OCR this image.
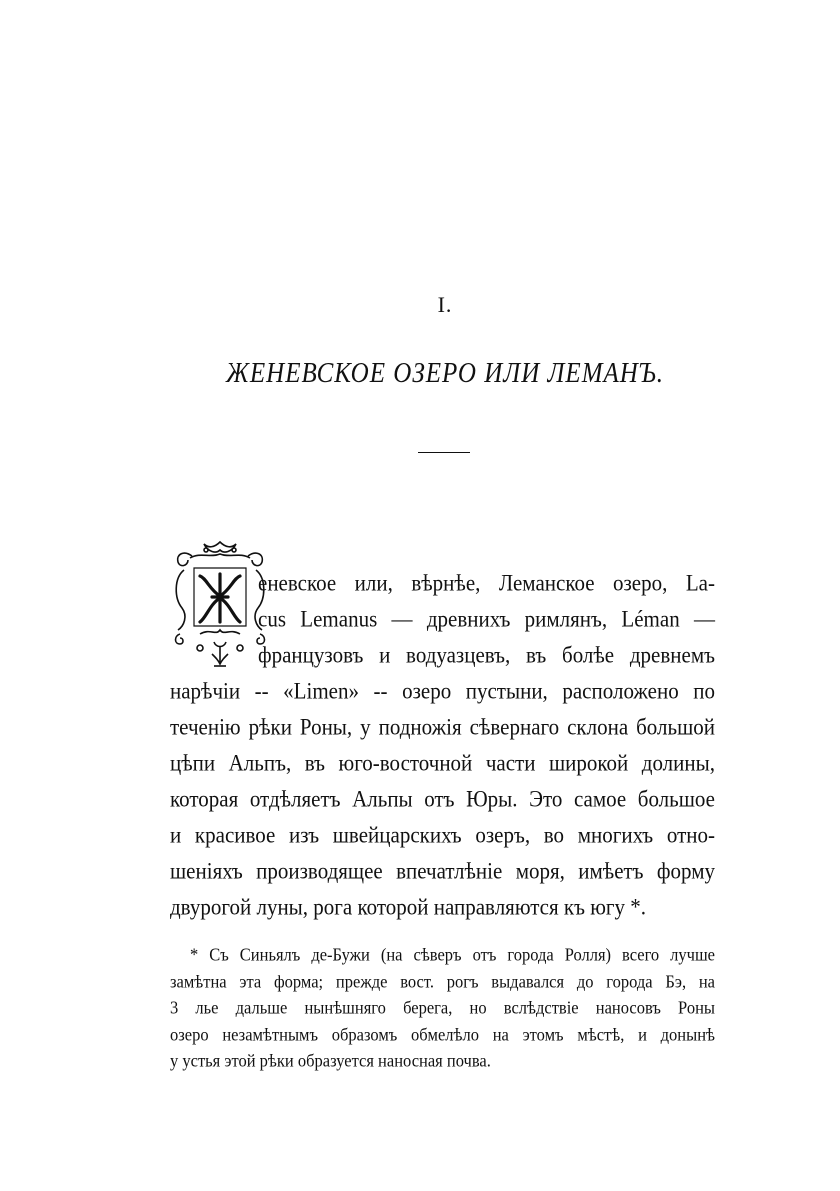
I.
ЖЕНЕВСКОЕ ОЗЕРО ИЛИ ЛЕМАНЪ.
еневское или, вѣрнѣе, Леманское озеро, La-
cus Lemanus — древнихъ римлянъ, Léman —
французовъ и водуазцевъ, въ болѣе древнемъ
нарѣчіи -- «Limen» -- озеро пустыни, расположено по
теченію рѣки Роны, у подножія сѣвернаго склона большой
цѣпи Альпъ, въ юго-восточной части широкой долины,
которая отдѣляетъ Альпы отъ Юры. Это самое большое
и красивое изъ швейцарскихъ озеръ, во многихъ отно-
шеніяхъ производящее впечатлѣніе моря, имѣетъ форму
двурогой луны, рога которой направляются къ югу *.
* Съ Синьялъ де-Бужи (на сѣверъ отъ города Ролля) всего лучше
замѣтна эта форма; прежде вост. рогъ выдавался до города Бэ, на
3 лье дальше нынѣшняго берега, но вслѣдствіе наносовъ Роны
озеро незамѣтнымъ образомъ обмелѣло на этомъ мѣстѣ, и донынѣ
у устья этой рѣки образуется наносная почва.
